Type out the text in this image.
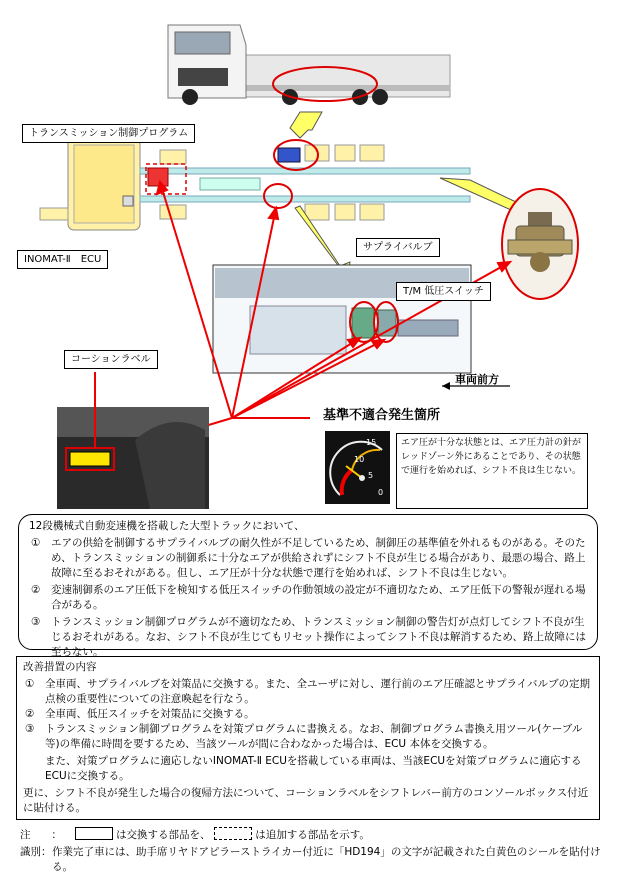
15
10
5
0
トランスミッション制御プログラム
INOMAT-Ⅱ　ECU
サプライバルブ
T/M 低圧スイッチ
車両前方
基準不適合発生箇所
コーションラベル
エア圧が十分な状態とは、エア圧力計の針がレッドゾーン外にあることであり、その状態で運行を始めれば、シフト不良は生じない。
12段機械式自動変速機を搭載した大型トラックにおいて、
① エアの供給を制御するサプライバルブの耐久性が不足しているため、制御圧の基準値を外れるものがある。そのため、トランスミッションの制御系に十分なエアが供給されずにシフト不良が生じる場合があり、最悪の場合、路上故障に至るおそれがある。但し、エア圧が十分な状態で運行を始めれば、シフト不良は生じない。
② 変速制御系のエア圧低下を検知する低圧スイッチの作動領域の設定が不適切なため、エア圧低下の警報が遅れる場合がある。
③ トランスミッション制御プログラムが不適切なため、トランスミッション制御の警告灯が点灯してシフト不良が生じるおそれがある。なお、シフト不良が生じてもリセット操作によってシフト不良は解消するため、路上故障には至らない。
改善措置の内容
① 全車両、サプライバルブを対策品に交換する。また、全ユーザに対し、運行前のエア圧確認とサプライバルブの定期点検の重要性についての注意喚起を行なう。
② 全車両、低圧スイッチを対策品に交換する。
③ トランスミッション制御プログラムを対策プログラムに書換える。なお、制御プログラム書換え用ツール(ケーブル等)の準備に時間を要するため、当該ツールが間に合わなかった場合は、ECU 本体を交換する。
また、対策プログラムに適応しないINOMAT-Ⅱ ECUを搭載している車両は、当該ECUを対策プログラムに適応するECUに交換する。
更に、シフト不良が発生した場合の復帰方法について、コーションラベルをシフトレバー前方のコンソールボックス付近に貼付ける。
注 ：	は交換する部品を、	は追加する部品を示す。
識別： 作業完了車には、助手席リヤドアピラーストライカー付近に「HD194」の文字が記載された白黄色のシールを貼付ける。
